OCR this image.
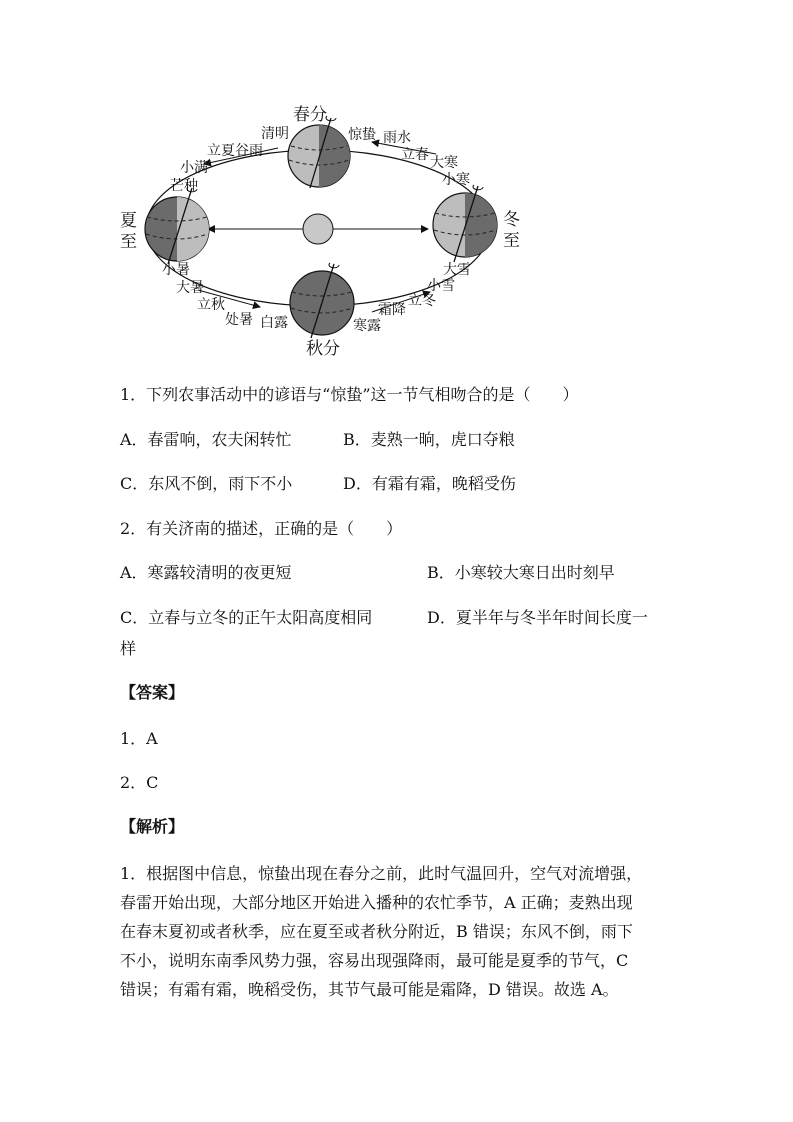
春分
夏
至
冬
至
秋分
清明
立夏谷雨
小满
芒种
惊蛰 雨水
立春 大寒
小寒
小暑
大暑
立秋
处暑 白露	寒露
霜降
立冬
小雪
大雪
1．下列农事活动中的谚语与“惊蛰”这一节气相吻合的是（　　）
A．春雷响，农夫闲转忙	B．麦熟一晌，虎口夺粮
C．东风不倒，雨下不小	D．有霜有霜，晚稻受伤
2．有关济南的描述，正确的是（　　）
A．寒露较清明的夜更短	B．小寒较大寒日出时刻早
C．立春与立冬的正午太阳高度相同	D．夏半年与冬半年时间长度一
样
【答案】
1．A
2．C
【解析】
1．根据图中信息，惊蛰出现在春分之前，此时气温回升，空气对流增强，
春雷开始出现，大部分地区开始进入播种的农忙季节，A 正确；麦熟出现
在春末夏初或者秋季，应在夏至或者秋分附近，B 错误；东风不倒，雨下
不小，说明东南季风势力强，容易出现强降雨，最可能是夏季的节气，C
错误；有霜有霜，晚稻受伤，其节气最可能是霜降，D 错误。故选 A。
